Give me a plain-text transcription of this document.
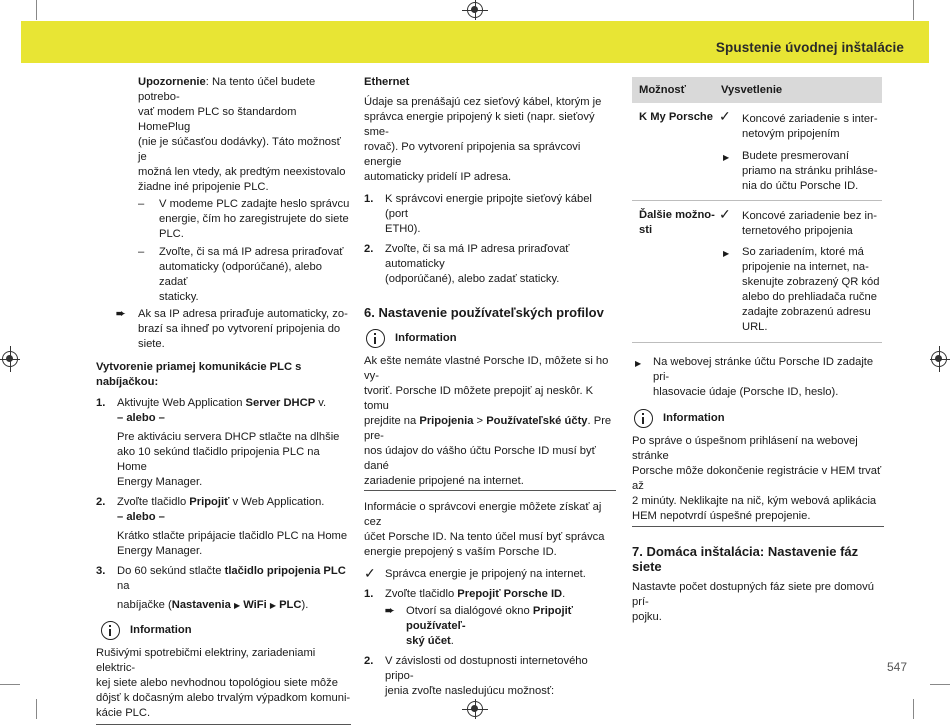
Spustenie úvodnej inštalácie

Upozornenie: Na tento účel budete potrebo-

vať modem PLC so štandardom HomePlug

(nie je súčasťou dodávky). Táto možnosť je

možná len vtedy, ak predtým neexistovalo

žiadne iné pripojenie PLC.

– V modeme PLC zadajte heslo správcu

energie, čím ho zaregistrujete do siete

PLC.

– Zvoľte, či sa má IP adresa priraďovať

automaticky (odporúčané), alebo zadať

staticky.

➨ Ak sa IP adresa priraďuje automaticky, zo-

brazí sa ihneď po vytvorení pripojenia do

siete.

Vytvorenie priamej komunikácie PLC s nabíjačkou:

1. Aktivujte Web Application Server DHCP v.

– alebo –

Pre aktiváciu servera DHCP stlačte na dlhšie

ako 10 sekúnd tlačidlo pripojenia PLC na Home

Energy Manager.

2. Zvoľte tlačidlo Pripojiť v Web Application.

– alebo –

Krátko stlačte pripájacie tlačidlo PLC na Home

Energy Manager.

3. Do 60 sekúnd stlačte tlačidlo pripojenia PLC na

nabíjačke (Nastavenia ▶ WiFi ▶ PLC).

Information

Rušivými spotrebičmi elektriny, zariadeniami elektric-

kej siete alebo nevhodnou topológiou siete môže

dôjsť k dočasným alebo trvalým výpadkom komuni-

kácie PLC.

Ethernet

Údaje sa prenášajú cez sieťový kábel, ktorým je

správca energie pripojený k sieti (napr. sieťový sme-

rovač). Po vytvorení pripojenia sa správcovi energie

automaticky pridelí IP adresa.

1. K správcovi energie pripojte sieťový kábel (port

ETH0).

2. Zvoľte, či sa má IP adresa priraďovať automaticky

(odporúčané), alebo zadať staticky.

6. Nastavenie používateľských profilov

Information

Ak ešte nemáte vlastné Porsche ID, môžete si ho vy-

tvoriť. Porsche ID môžete prepojiť aj neskôr. K tomu

prejdite na Pripojenia > Používateľské účty. Pre pre-

nos údajov do vášho účtu Porsche ID musí byť dané

zariadenie pripojené na internet.

Informácie o správcovi energie môžete získať aj cez

účet Porsche ID. Na tento účel musí byť správca

energie prepojený s vaším Porsche ID.

✓ Správca energie je pripojený na internet.

1. Zvoľte tlačidlo Prepojiť Porsche ID.

➨ Otvorí sa dialógové okno Pripojiť používateľ-

ský účet.

2. V závislosti od dostupnosti internetového pripo-

jenia zvoľte nasledujúcu možnosť:

Možnosť	Vysvetlenie

K My Porsche ✓ Koncové zariadenie s inter-

netovým pripojením

▶ Budete presmerovaní

priamo na stránku prihláse-

nia do účtu Porsche ID.

Ďalšie možno-

sti

✓ Koncové zariadenie bez in-

ternetového pripojenia

▶ So zariadením, ktoré má

pripojenie na internet, na-

skenujte zobrazený QR kód

alebo do prehliadača ručne

zadajte zobrazenú adresu

URL.

▶ Na webovej stránke účtu Porsche ID zadajte pri-

hlasovacie údaje (Porsche ID, heslo).

Information

Po správe o úspešnom prihlásení na webovej stránke

Porsche môže dokončenie registrácie v HEM trvať až

2 minúty. Neklikajte na nič, kým webová aplikácia

HEM nepotvrdí úspešné prepojenie.

7. Domáca inštalácia: Nastavenie fáz siete

Nastavte počet dostupných fáz siete pre domovú prí-

pojku.

547
